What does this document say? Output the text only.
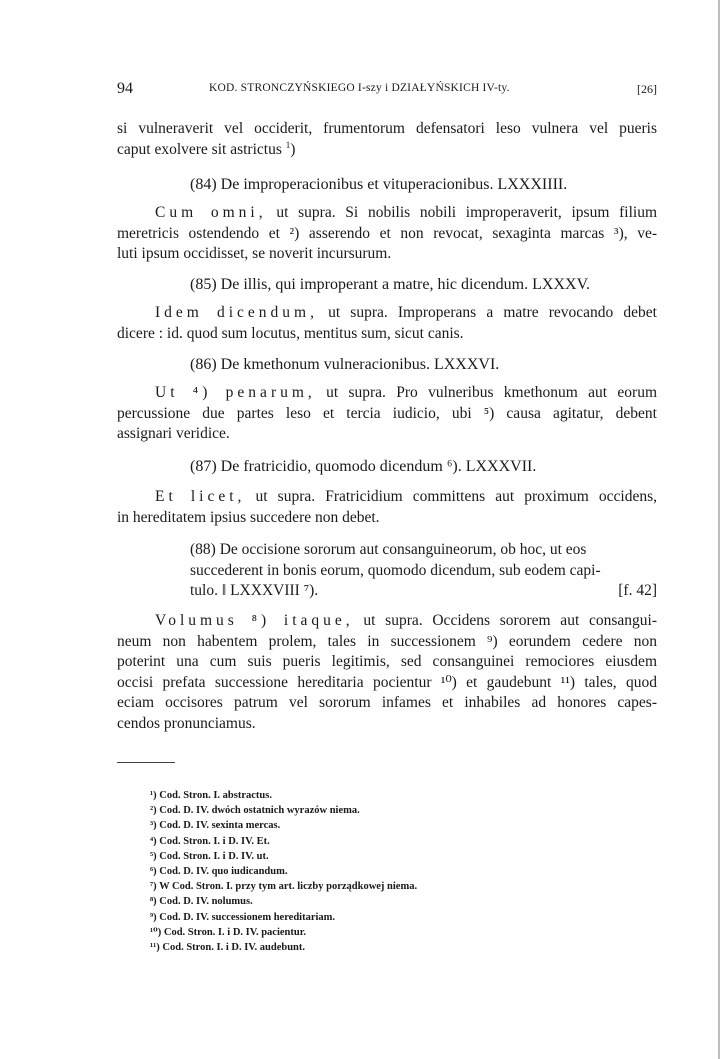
94	KOD. STRONCZYŃSKIEGO I-szy i DZIAŁYŃSKICH IV-ty.	[26]
si vulneraverit vel occiderit, frumentorum defensatori leso vulnera vel pueris
caput exolvere sit astrictus $^1$)
(84) De improperacionibus et vituperacionibus. LXXXIIII.
Cum omni, ut supra. Si nobilis nobili improperaverit, ipsum filium
meretricis ostendendo et ²) asserendo et non revocat, sexaginta marcas ³), ve-
luti ipsum occidisset, se noverit incursurum.
(85) De illis, qui improperant a matre, hic dicendum. LXXXV.
Idem dicendum, ut supra. Improperans a matre revocando debet
dicere : id. quod sum locutus, mentitus sum, sicut canis.
(86) De kmethonum vulneracionibus. LXXXVI.
Ut ⁴) penarum, ut supra. Pro vulneribus kmethonum aut eorum
percussione due partes leso et tercia iudicio, ubi ⁵) causa agitatur, debent
assignari veridice.
(87) De fratricidio, quomodo dicendum ⁶). LXXXVII.
Et licet, ut supra. Fratricidium committens aut proximum occidens,
in hereditatem ipsius succedere non debet.
(88) De occisione sororum aut consanguineorum, ob hoc, ut eos
succederent in bonis eorum, quomodo dicendum, sub eodem capi-
tulo. ‖ LXXXVIII ⁷).	[f. 42]
Volumus ⁸) itaque, ut supra. Occidens sororem aut consangui-
neum non habentem prolem, tales in successionem ⁹) eorundem cedere non
poterint una cum suis pueris legitimis, sed consanguinei remociores eiusdem
occisi prefata successione hereditaria pocientur ¹⁰) et gaudebunt ¹¹) tales, quod
eciam occisores patrum vel sororum infames et inhabiles ad honores capes-
cendos pronunciamus.
¹) Cod. Stron. I. abstractus.
²) Cod. D. IV. dwóch ostatnich wyrazów niema.
³) Cod. D. IV. sexinta mercas.
⁴) Cod. Stron. I. i D. IV. Et.
⁵) Cod. Stron. I. i D. IV. ut.
⁶) Cod. D. IV. quo iudicandum.
⁷) W Cod. Stron. I. przy tym art. liczby porządkowej niema.
⁸) Cod. D. IV. nolumus.
⁹) Cod. D. IV. successionem hereditariam.
¹⁰) Cod. Stron. I. i D. IV. pacientur.
¹¹) Cod. Stron. I. i D. IV. audebunt.
